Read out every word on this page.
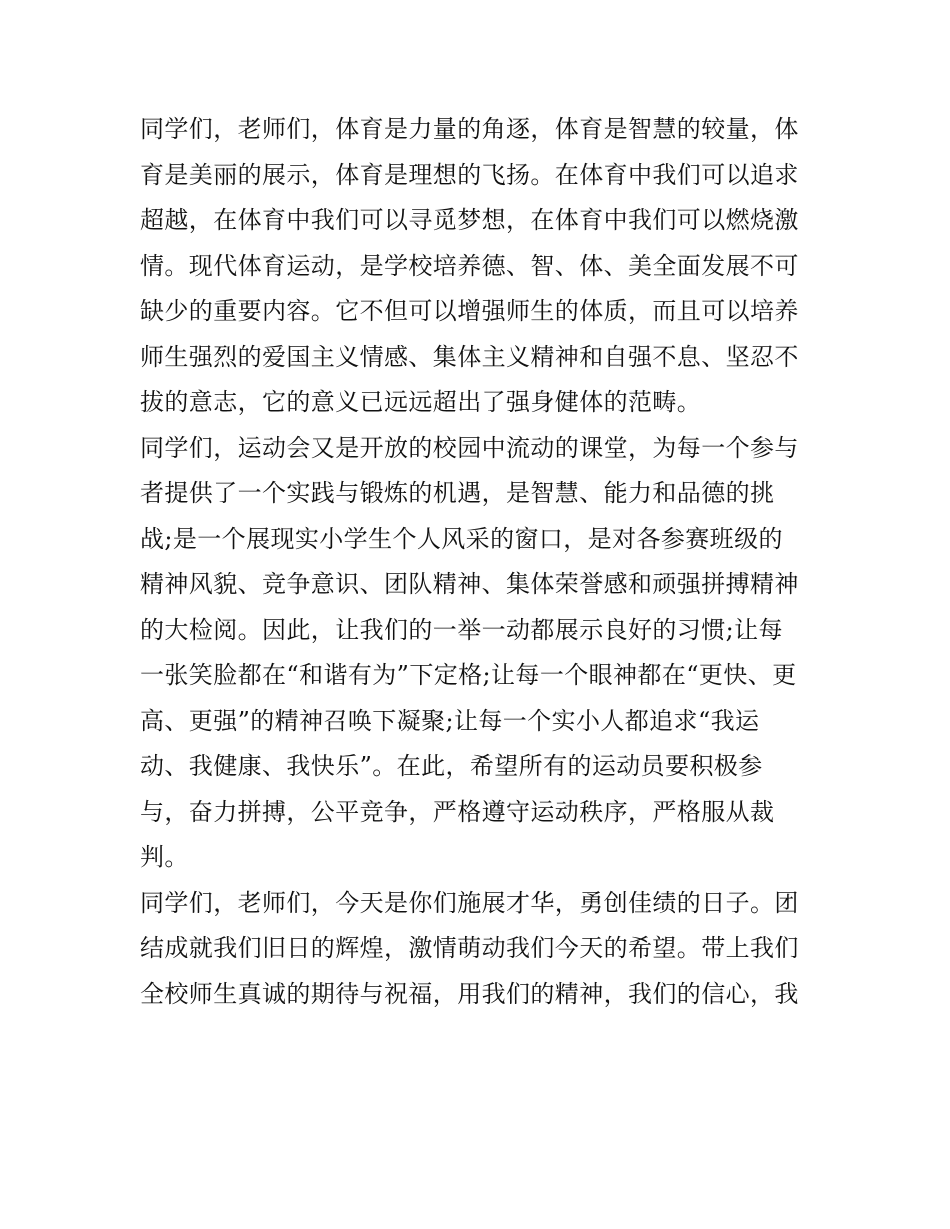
同学们，老师们，体育是力量的角逐，体育是智慧的较量，体
育是美丽的展示，体育是理想的飞扬。在体育中我们可以追求
超越，在体育中我们可以寻觅梦想，在体育中我们可以燃烧激
情。现代体育运动，是学校培养德、智、体、美全面发展不可
缺少的重要内容。它不但可以增强师生的体质，而且可以培养
师生强烈的爱国主义情感、集体主义精神和自强不息、坚忍不
拔的意志，它的意义已远远超出了强身健体的范畴。
同学们，运动会又是开放的校园中流动的课堂，为每一个参与
者提供了一个实践与锻炼的机遇，是智慧、能力和品德的挑
战;是一个展现实小学生个人风采的窗口，是对各参赛班级的
精神风貌、竞争意识、团队精神、集体荣誉感和顽强拼搏精神
的大检阅。因此，让我们的一举一动都展示良好的习惯;让每
一张笑脸都在“和谐有为”下定格;让每一个眼神都在“更快、更
高、更强”的精神召唤下凝聚;让每一个实小人都追求“我运
动、我健康、我快乐”。在此，希望所有的运动员要积极参
与，奋力拼搏，公平竞争，严格遵守运动秩序，严格服从裁
判。
同学们，老师们，今天是你们施展才华，勇创佳绩的日子。团
结成就我们旧日的辉煌，激情萌动我们今天的希望。带上我们
全校师生真诚的期待与祝福，用我们的精神，我们的信心，我
